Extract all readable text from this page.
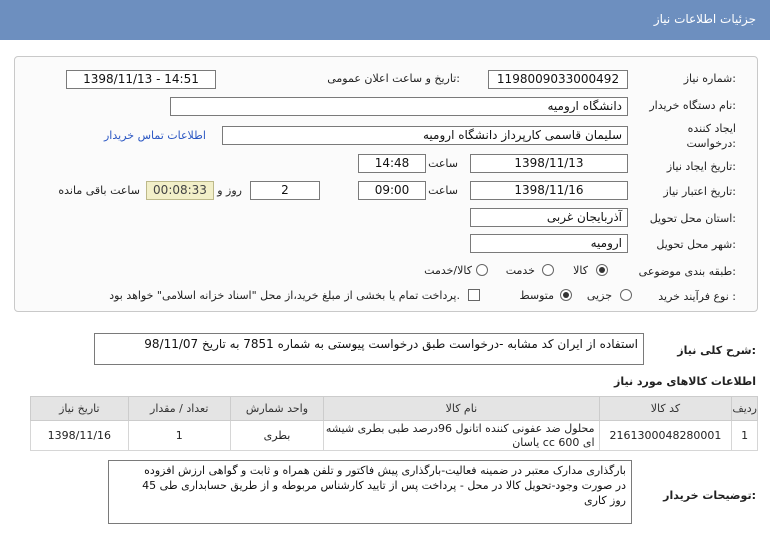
جزئیات اطلاعات نیاز
شماره نیاز:
1198009033000492
تاریخ و ساعت اعلان عمومی:
1398/11/13 - 14:51
نام دستگاه خریدار:
دانشگاه ارومیه
ایجاد کننده
درخواست:
سلیمان قاسمی کارپرداز دانشگاه ارومیه
اطلاعات تماس خریدار
تاریخ ایجاد نیاز:
1398/11/13
ساعت
14:48
تاریخ اعتبار نیاز:
1398/11/16
ساعت
09:00
2
روز و
00:08:33
ساعت باقی مانده
استان محل تحویل:
آذربایجان غربی
شهر محل تحویل:
ارومیه
طبقه بندی موضوعی:
کالا
خدمت
کالا/خدمت
نوع فرآیند خرید :
جزیی
متوسط
پرداخت تمام یا بخشی از مبلغ خرید،از محل "اسناد خزانه اسلامی" خواهد بود.
شرح کلی نیاز:
استفاده از ایران کد مشابه -درخواست طبق درخواست پیوستی به شماره 7851 به تاریخ 98/11/07
اطلاعات کالاهای مورد نیاز
ردیف	کد کالا	نام کالا	واحد شمارش	تعداد / مقدار	تاریخ نیاز
1	2161300048280001	محلول ضد عفونی کننده اتانول 96درصد طبی بطری شیشه
ای 600 cc یاسان	بطری	1	1398/11/16
توضیحات خریدار:
بارگذاری مدارک معتبر در ضمینه فعالیت-بارگذاری پیش فاکتور و تلفن همراه و ثابت و گواهی ارزش افزوده
در صورت وجود-تحویل کالا در محل - پرداخت پس از تایید کارشناس مربوطه و از طریق حسابداری طی 45
روز کاری
